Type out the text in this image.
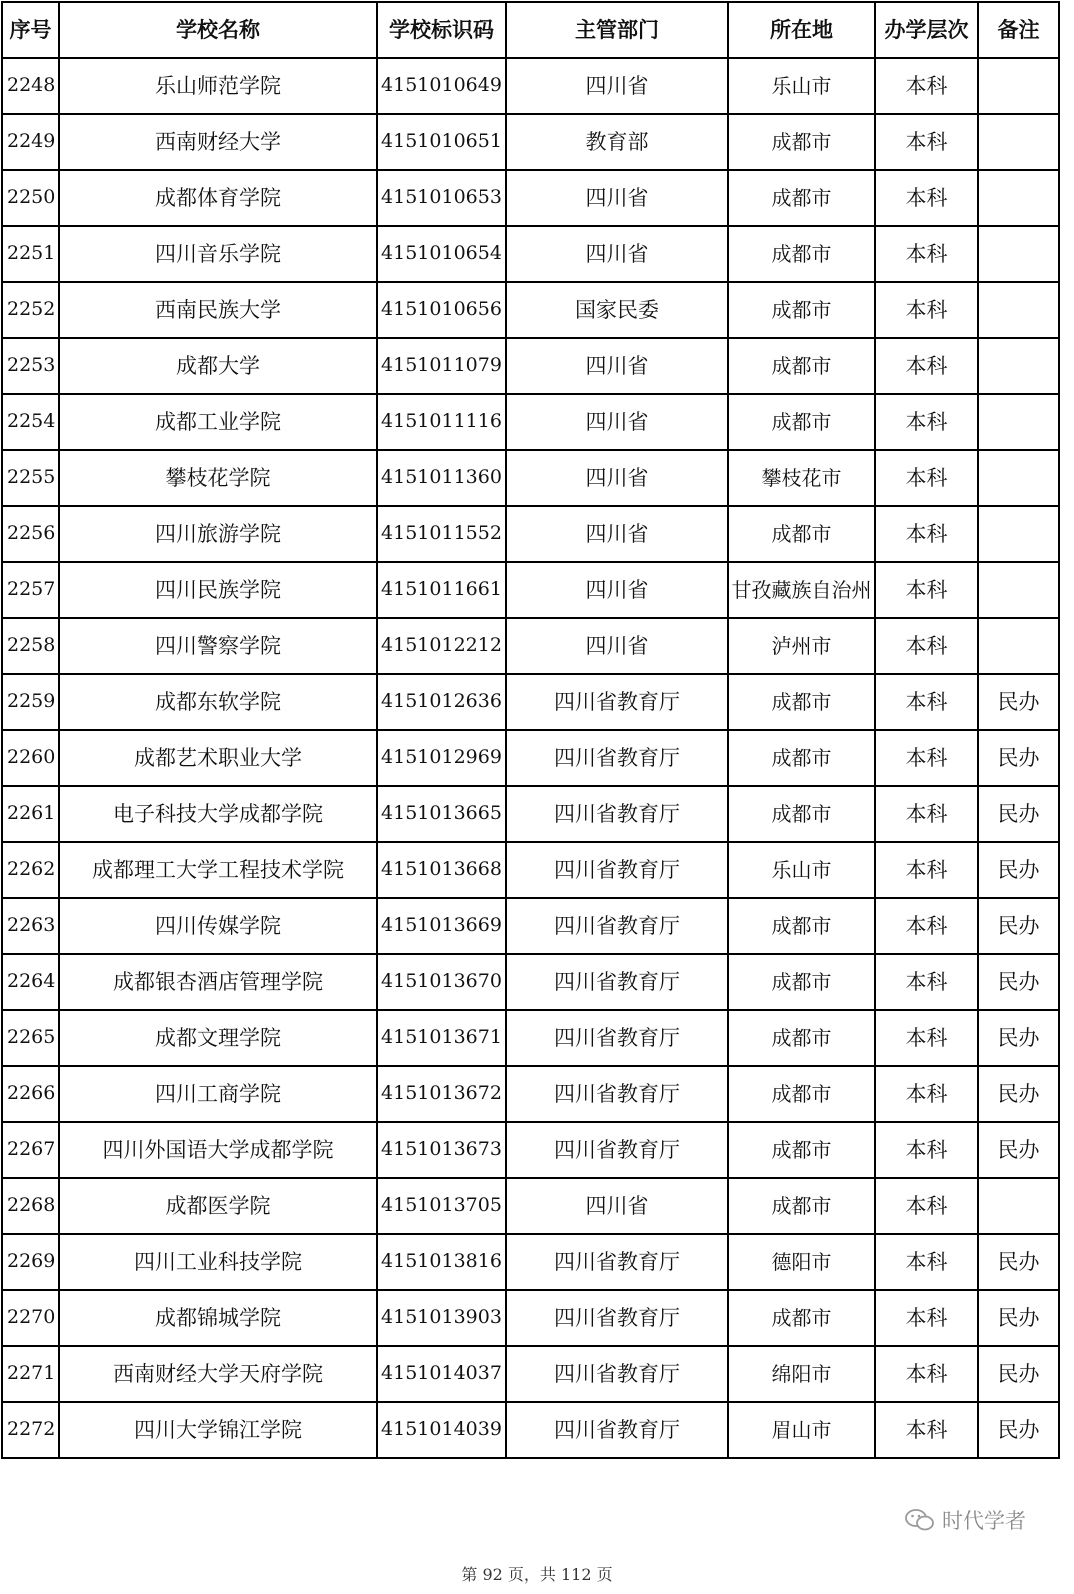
序号	学校名称	学校标识码	主管部门	所在地	办学层次	备注
2248	乐山师范学院	4151010649	四川省	乐山市	本科	
2249	西南财经大学	4151010651	教育部	成都市	本科	
2250	成都体育学院	4151010653	四川省	成都市	本科	
2251	四川音乐学院	4151010654	四川省	成都市	本科	
2252	西南民族大学	4151010656	国家民委	成都市	本科	
2253	成都大学	4151011079	四川省	成都市	本科	
2254	成都工业学院	4151011116	四川省	成都市	本科	
2255	攀枝花学院	4151011360	四川省	攀枝花市	本科	
2256	四川旅游学院	4151011552	四川省	成都市	本科	
2257	四川民族学院	4151011661	四川省	甘孜藏族自治州	本科	
2258	四川警察学院	4151012212	四川省	泸州市	本科	
2259	成都东软学院	4151012636	四川省教育厅	成都市	本科	民办
2260	成都艺术职业大学	4151012969	四川省教育厅	成都市	本科	民办
2261	电子科技大学成都学院	4151013665	四川省教育厅	成都市	本科	民办
2262	成都理工大学工程技术学院	4151013668	四川省教育厅	乐山市	本科	民办
2263	四川传媒学院	4151013669	四川省教育厅	成都市	本科	民办
2264	成都银杏酒店管理学院	4151013670	四川省教育厅	成都市	本科	民办
2265	成都文理学院	4151013671	四川省教育厅	成都市	本科	民办
2266	四川工商学院	4151013672	四川省教育厅	成都市	本科	民办
2267	四川外国语大学成都学院	4151013673	四川省教育厅	成都市	本科	民办
2268	成都医学院	4151013705	四川省	成都市	本科	
2269	四川工业科技学院	4151013816	四川省教育厅	德阳市	本科	民办
2270	成都锦城学院	4151013903	四川省教育厅	成都市	本科	民办
2271	西南财经大学天府学院	4151014037	四川省教育厅	绵阳市	本科	民办
2272	四川大学锦江学院	4151014039	四川省教育厅	眉山市	本科	民办
时代学者
第 92 页，共 112 页
